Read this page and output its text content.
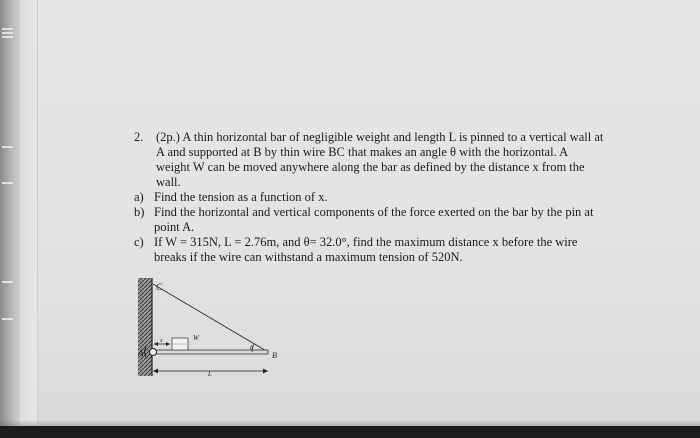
2.	(2p.) A thin horizontal bar of negligible weight and length L is pinned to a vertical wall at
A and supported at B by thin wire BC that makes an angle θ with the horizontal. A
weight W can be moved anywhere along the bar as defined by the distance x from the
wall.
a) Find the tension as a function of x.
b) Find the horizontal and vertical components of the force exerted on the bar by the pin at
point A.
c) If W = 315N, L = 2.76m, and θ= 32.0°, find the maximum distance x before the wire
breaks if the wire can withstand a maximum tension of 520N.
C
A	B
W
θ
L
x
